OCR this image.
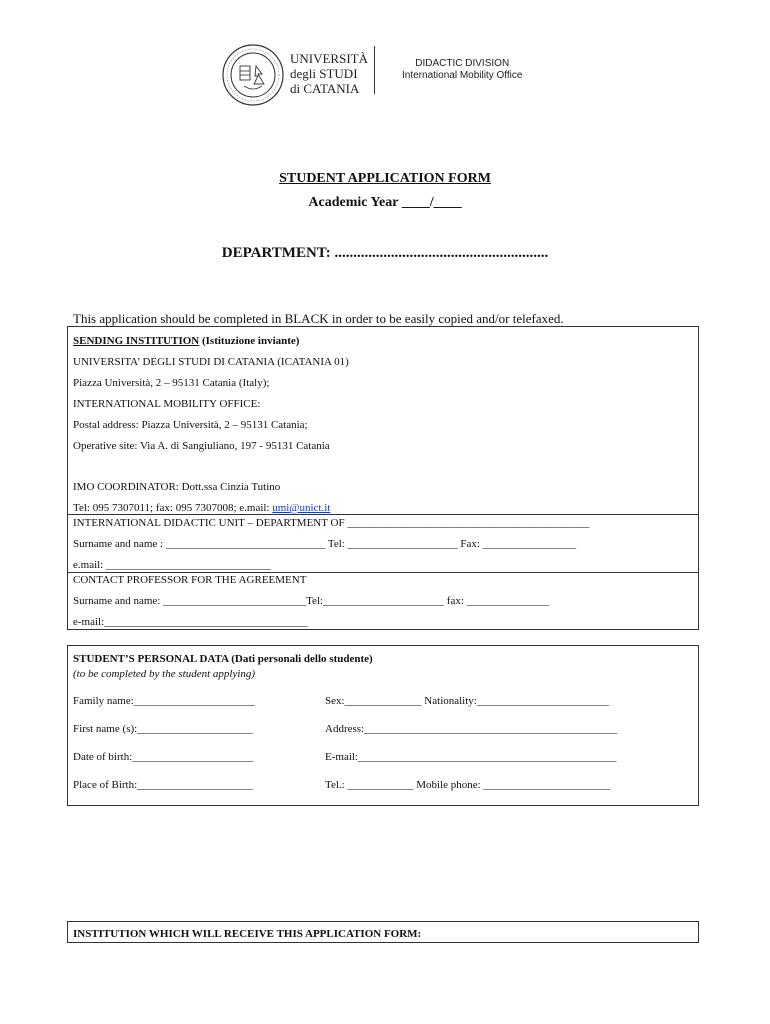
UNIVERSITÀ
degli STUDI
di CATANIA
DIDACTIC DIVISION
International Mobility Office
STUDENT APPLICATION FORM
Academic Year ____/____
DEPARTMENT: .........................................................
This application should be completed in BLACK in order to be easily copied and/or telefaxed.
SENDING INSTITUTION (Istituzione inviante)
UNIVERSITA’ DEGLI STUDI DI CATANIA (ICATANIA 01)
Piazza Università, 2 – 95131 Catania (Italy);
INTERNATIONAL MOBILITY OFFICE:
Postal address: Piazza Università, 2 – 95131 Catania;
Operative site: Via A. di Sangiuliano, 197 - 95131 Catania
IMO COORDINATOR: Dott.ssa Cinzia Tutino
Tel: 095 7307011; fax: 095 7307008; e.mail: umi@unict.it
INTERNATIONAL DIDACTIC UNIT – DEPARTMENT OF ____________________________________________
Surname and name : _____________________________ Tel: ____________________ Fax: _________________
e.mail: ______________________________
CONTACT PROFESSOR FOR THE AGREEMENT
Surname and name: __________________________Tel:______________________ fax: _______________
e-mail:_____________________________________
STUDENT’S PERSONAL DATA (Dati personali dello studente)
(to be completed by the student applying)
Family name:______________________
First name (s):_____________________
Date of birth:______________________
Place of Birth:_____________________
Sex:______________ Nationality:________________________
Address:______________________________________________
E-mail:_______________________________________________
Tel.: ____________ Mobile phone: _______________________
INSTITUTION WHICH WILL RECEIVE THIS APPLICATION FORM:
